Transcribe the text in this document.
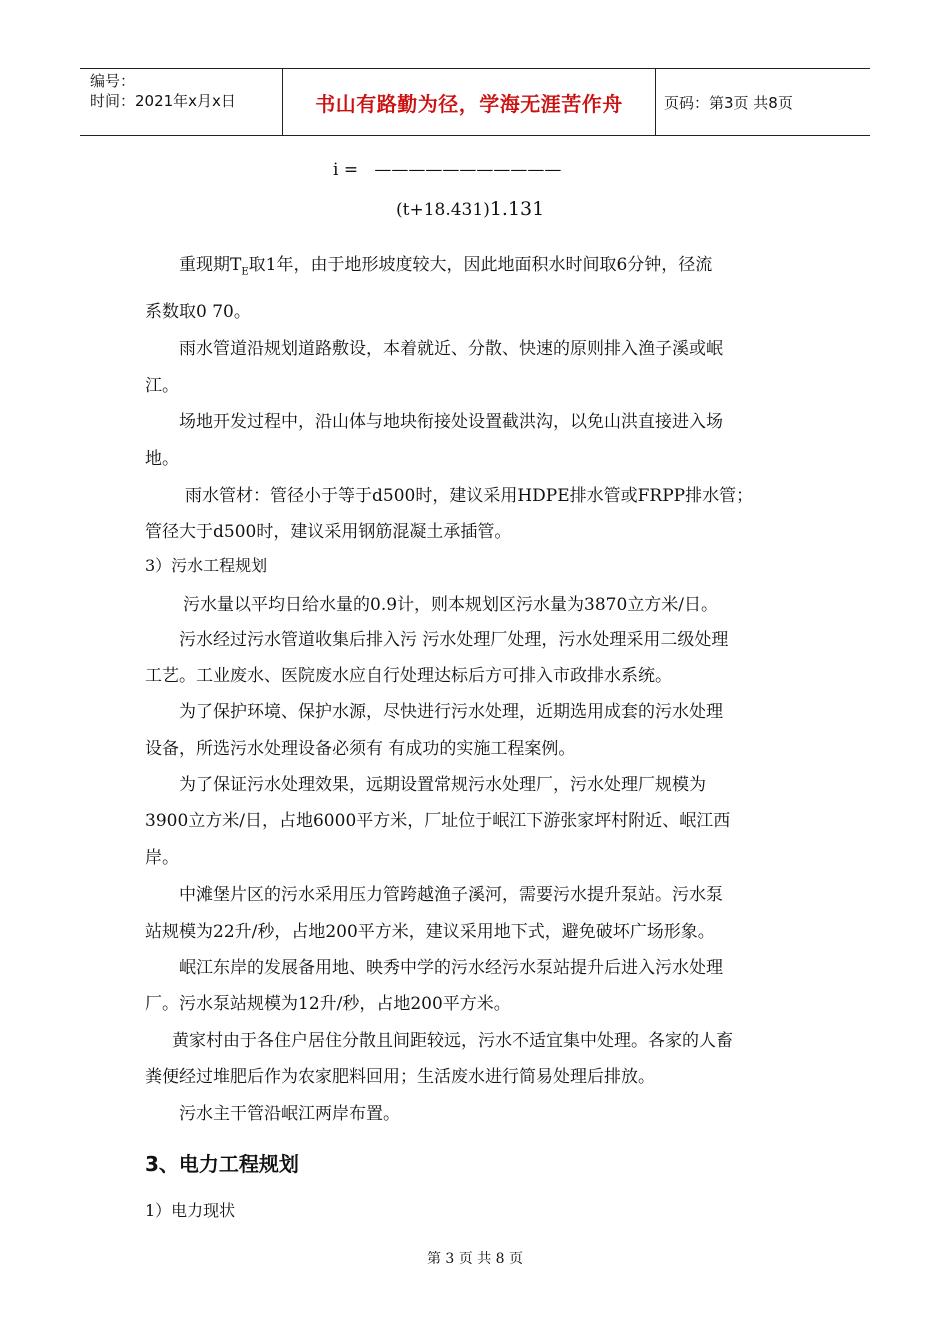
编号：
时间：2021年x月x日	书山有路勤为径，学海无涯苦作舟	页码：第3页 共8页
i = ———————————
(t+18.431)1.131
重现期$T_E$取1年，由于地形坡度较大，因此地面积水时间取6分钟，径流
系数取0 70。
雨水管道沿规划道路敷设，本着就近、分散、快速的原则排入渔子溪或岷
江。
场地开发过程中，沿山体与地块衔接处设置截洪沟，以免山洪直接进入场
地。
雨水管材：管径小于等于d500时，建议采用HDPE排水管或FRPP排水管；
管径大于d500时，建议采用钢筋混凝土承插管。
3）污水工程规划
污水量以平均日给水量的0.9计，则本规划区污水量为3870立方米/日。
污水经过污水管道收集后排入污 污水处理厂处理，污水处理采用二级处理
工艺。工业废水、医院废水应自行处理达标后方可排入市政排水系统。
为了保护环境、保护水源，尽快进行污水处理，近期选用成套的污水处理
设备，所选污水处理设备必须有 有成功的实施工程案例。
为了保证污水处理效果，远期设置常规污水处理厂，污水处理厂规模为
3900立方米/日，占地6000平方米，厂址位于岷江下游张家坪村附近、岷江西
岸。
中滩堡片区的污水采用压力管跨越渔子溪河，需要污水提升泵站。污水泵
站规模为22升/秒，占地200平方米，建议采用地下式，避免破坏广场形象。
岷江东岸的发展备用地、映秀中学的污水经污水泵站提升后进入污水处理
厂。污水泵站规模为12升/秒，占地200平方米。
黄家村由于各住户居住分散且间距较远，污水不适宜集中处理。各家的人畜
粪便经过堆肥后作为农家肥料回用；生活废水进行简易处理后排放。
污水主干管沿岷江两岸布置。
3、电力工程规划
1）电力现状
第 3 页 共 8 页
